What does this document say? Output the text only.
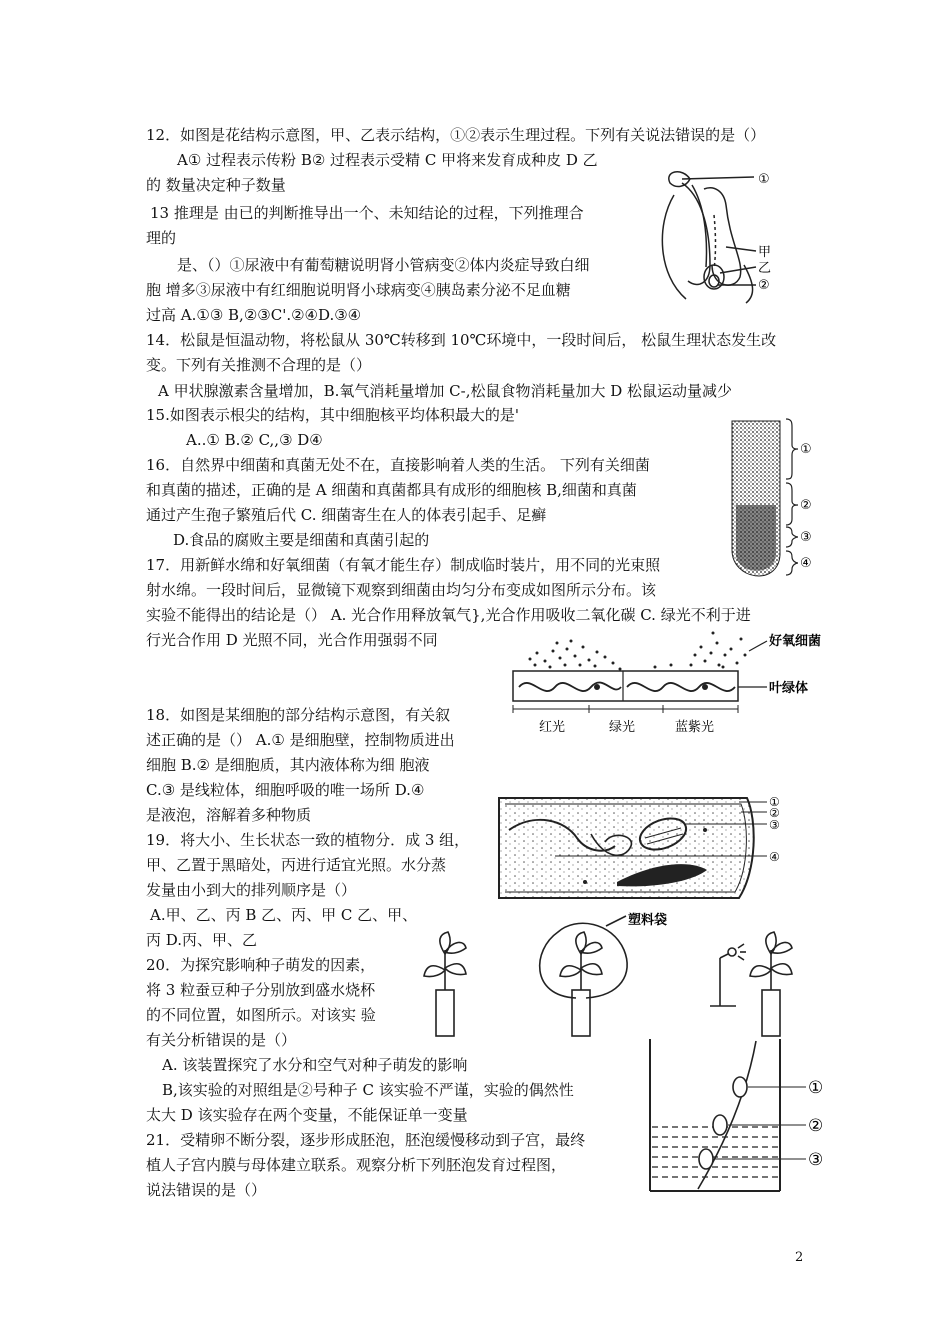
12．如图是花结构示意图，甲、乙表示结构，①②表示生理过程。下列有关说法错误的是（）
A① 过程表示传粉 B② 过程表示受精 C 甲将来发育成种皮 D 乙
的 数量决定种子数量
13 推理是 由已的判断推导出一个、未知结论的过程，下列推理合
理的
是、（）①尿液中有葡萄糖说明肾小管病变②体内炎症导致白细
胞 增多③尿液中有红细胞说明肾小球病变④胰岛素分泌不足血糖
过高 A.①③ B,②③C'.②④D.③④
14．松鼠是恒温动物，将松鼠从 30℃转移到 10℃环境中，一段时间后， 松鼠生理状态发生改
变。下列有关推测不合理的是（）
A 甲状腺激素含量增加，B.氧气消耗量增加 C-,松鼠食物消耗量加大 D 松鼠运动量减少
15.如图表示根尖的结构，其中细胞核平均体积最大的是'
A..① B.② C,,③ D④
16．自然界中细菌和真菌无处不在，直接影响着人类的生活。 下列有关细菌
和真菌的描述，正确的是 A 细菌和真菌都具有成形的细胞核 B,细菌和真菌
通过产生孢子繁殖后代 C. 细菌寄生在人的体表引起手、足癣
D.食品的腐败主要是细菌和真菌引起的
17．用新鲜水绵和好氧细菌（有氧才能生存）制成临时装片，用不同的光束照
射水绵。一段时间后，显微镜下观察到细菌由均匀分布变成如图所示分布。该
实验不能得出的结论是（） A. 光合作用释放氧气},光合作用吸收二氧化碳 C. 绿光不利于进
行光合作用 D 光照不同，光合作用强弱不同
18．如图是某细胞的部分结构示意图，有关叙
述正确的是（） A.① 是细胞壁，控制物质进出
细胞 B.② 是细胞质，其内液体称为细 胞液
C.③ 是线粒体，细胞呼吸的唯一场所 D.④
是液泡，溶解着多种物质
19．将大小、生长状态一致的植物分．成 3 组，
甲、乙置于黑暗处，丙进行适宜光照。水分蒸
发量由小到大的排列顺序是（）
A.甲、乙、丙 B 乙、丙、甲 C 乙、甲、
丙 D.丙、甲、乙
20．为探究影响种子萌发的因素，
将 3 粒蚕豆种子分别放到盛水烧杯
的不同位置，如图所示。对该实 验
有关分析错误的是（）
A. 该装置探究了水分和空气对种子萌发的影响
B,该实验的对照组是②号种子 C 该实验不严谨，实验的偶然性
太大 D 该实验存在两个变量，不能保证单一变量
21．受精卵不断分裂，逐步形成胚泡，胚泡缓慢移动到子宫，最终
植人子宫内膜与母体建立联系。观察分析下列胚泡发育过程图，
说法错误的是（）
①
甲
乙
②
①
②
③
④
好氧细菌
叶绿体
红光	绿光	蓝紫光
①
②
③
④
塑料袋
①
②
③
2
